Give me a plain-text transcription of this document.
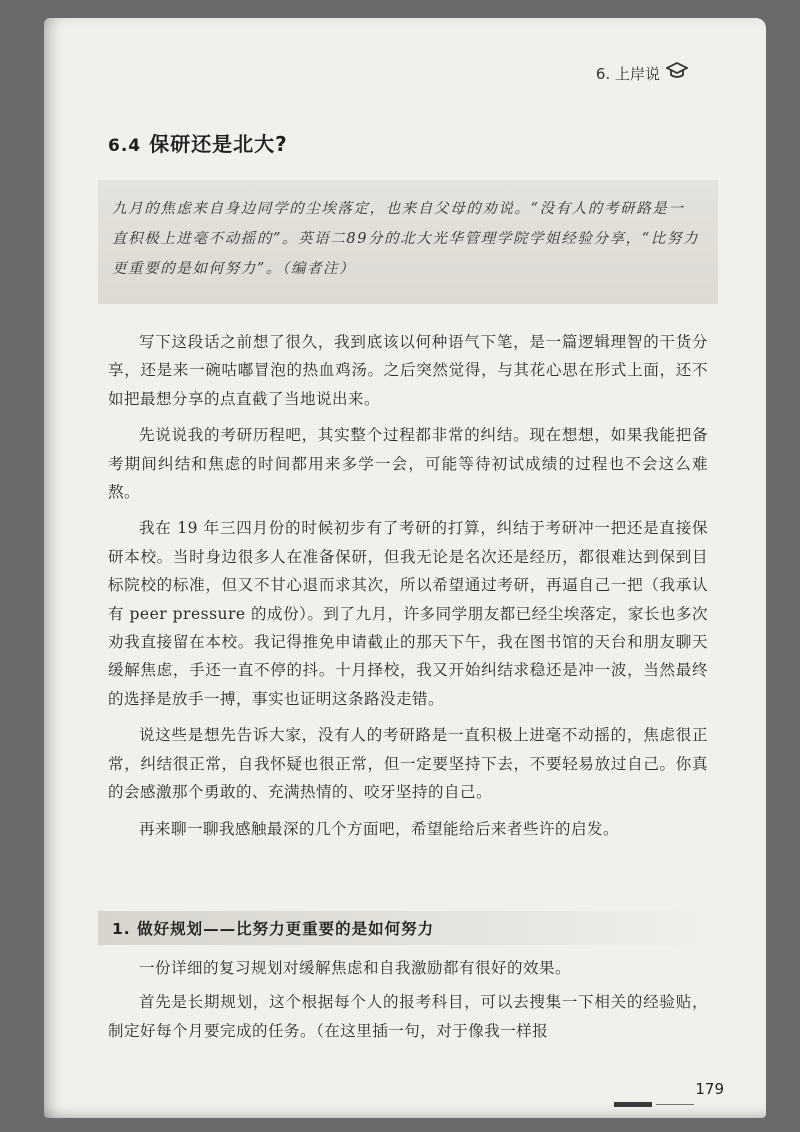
6. 上岸说
6.4 保研还是北大?
九月的焦虑来自身边同学的尘埃落定，也来自父母的劝说。“没有人的考研路是一直积极上进毫不动摇的”。英语二89分的北大光华管理学院学姐经验分享，“比努力更重要的是如何努力”。（编者注）

写下这段话之前想了很久，我到底该以何种语气下笔，是一篇逻辑理智的干货分享，还是来一碗咕嘟冒泡的热血鸡汤。之后突然觉得，与其花心思在形式上面，还不如把最想分享的点直截了当地说出来。

先说说我的考研历程吧，其实整个过程都非常的纠结。现在想想，如果我能把备考期间纠结和焦虑的时间都用来多学一会，可能等待初试成绩的过程也不会这么难熬。

我在 19 年三四月份的时候初步有了考研的打算，纠结于考研冲一把还是直接保研本校。当时身边很多人在准备保研，但我无论是名次还是经历，都很难达到保到目标院校的标准，但又不甘心退而求其次，所以希望通过考研，再逼自己一把（我承认有 peer pressure 的成份）。到了九月，许多同学朋友都已经尘埃落定，家长也多次劝我直接留在本校。我记得推免申请截止的那天下午，我在图书馆的天台和朋友聊天缓解焦虑，手还一直不停的抖。十月择校，我又开始纠结求稳还是冲一波，当然最终的选择是放手一搏，事实也证明这条路没走错。

说这些是想先告诉大家，没有人的考研路是一直积极上进毫不动摇的，焦虑很正常，纠结很正常，自我怀疑也很正常，但一定要坚持下去，不要轻易放过自己。你真的会感激那个勇敢的、充满热情的、咬牙坚持的自己。

再来聊一聊我感触最深的几个方面吧，希望能给后来者些许的启发。

1. 做好规划——比努力更重要的是如何努力

一份详细的复习规划对缓解焦虑和自我激励都有很好的效果。

首先是长期规划，这个根据每个人的报考科目，可以去搜集一下相关的经验贴，制定好每个月要完成的任务。（在这里插一句，对于像我一样报

179
